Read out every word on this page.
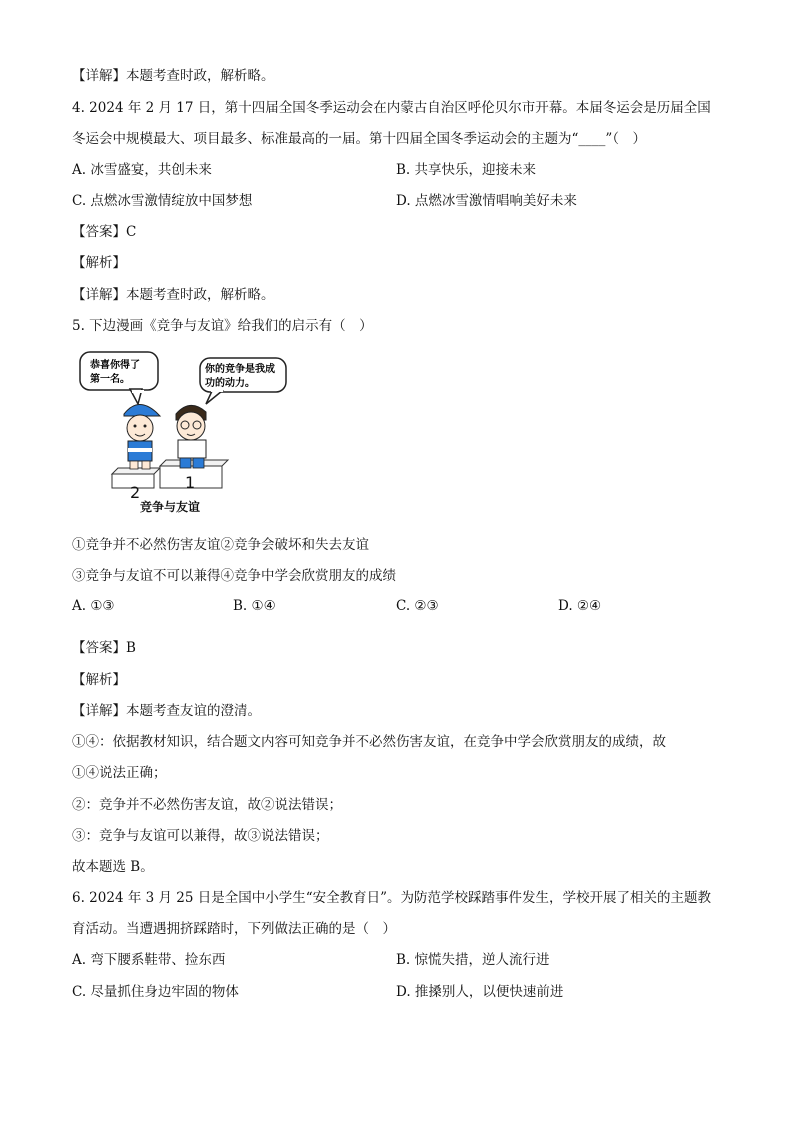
【详解】本题考查时政，解析略。
4. 2024 年 2 月 17 日，第十四届全国冬季运动会在内蒙古自治区呼伦贝尔市开幕。本届冬运会是历届全国
冬运会中规模最大、项目最多、标准最高的一届。第十四届全国冬季运动会的主题为“____”（　）
A. 冰雪盛宴，共创未来	B. 共享快乐，迎接未来
C. 点燃冰雪激情绽放中国梦想	D. 点燃冰雪激情唱响美好未来
【答案】C
【解析】
【详解】本题考查时政，解析略。
5. 下边漫画《竞争与友谊》给我们的启示有（　）
恭喜你得了
第一名。
你的竞争是我成
功的动力。
2
1
竞争与友谊
①竞争并不必然伤害友谊②竞争会破坏和失去友谊
③竞争与友谊不可以兼得④竞争中学会欣赏朋友的成绩
A. ①③	B. ①④	C. ②③	D. ②④
【答案】B
【解析】
【详解】本题考查友谊的澄清。
①④：依据教材知识，结合题文内容可知竞争并不必然伤害友谊，在竞争中学会欣赏朋友的成绩，故
①④说法正确；
②：竞争并不必然伤害友谊，故②说法错误；
③：竞争与友谊可以兼得，故③说法错误；
故本题选 B。
6. 2024 年 3 月 25 日是全国中小学生“安全教育日”。为防范学校踩踏事件发生，学校开展了相关的主题教
育活动。当遭遇拥挤踩踏时，下列做法正确的是（　）
A. 弯下腰系鞋带、捡东西	B. 惊慌失措，逆人流行进
C. 尽量抓住身边牢固的物体	D. 推搡别人，以便快速前进
